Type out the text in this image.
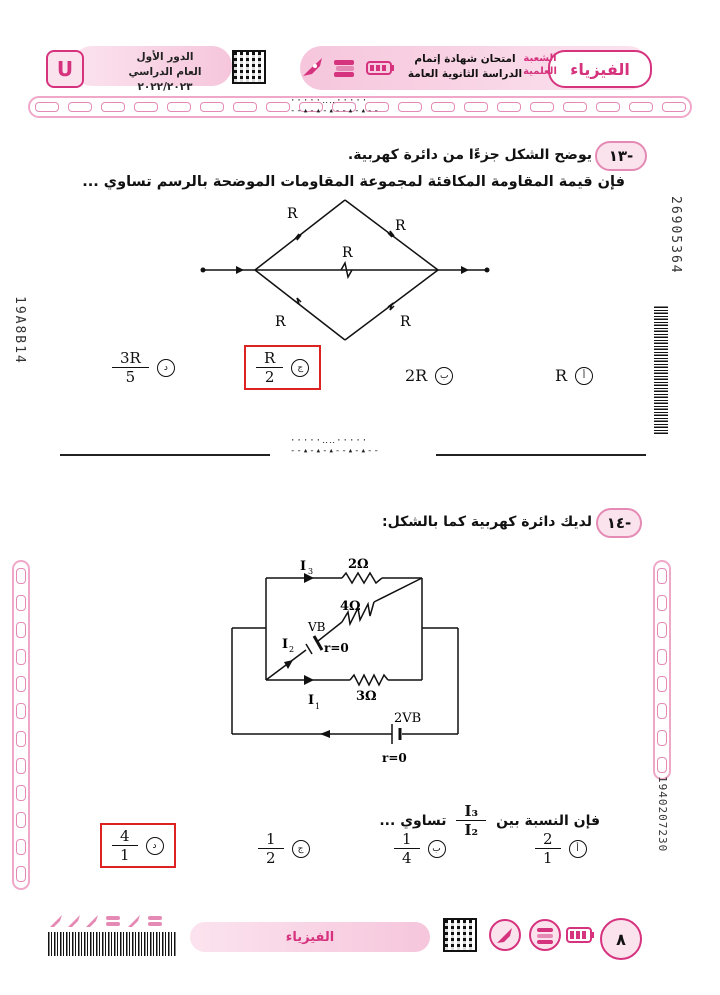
الفيزياء
الشعبة العلمية
امتحان شهادة إتمام
الدراسة الثانوية العامة
الدور الأول
العام الدراسي ٢٠٢٢/٢٠٢٣
U
·····‥‥·····
--▴-▴-▴--▴-▴--
19A8B14
26905364
1940207230
-١٣
يوضح الشكل جزءًا من دائرة كهربية.
فإن قيمة المقاومة المكافئة لمجموعة المقاومات الموضحة بالرسم تساوي ...
R
R
R
R	R
R	أ
2R	ب
$\frac{R}{2}$	ج
$\frac{3R}{5}$	د
·····‥‥·····
--▴-▴-▴--▴-▴--
-١٤
لديك دائرة كهربية كما بالشكل:
I 3	2Ω
4Ω
VB
r=0
I 2
I 1
3Ω
2VB
r=0
فإن النسبة بين
$\frac{\text{I₃}}{\text{I₂}}$
تساوي ...
$\frac{2}{1}$	أ
$\frac{1}{4}$	ب
$\frac{1}{2}$	ج
$\frac{4}{1}$	د
الفيزياء	٨
